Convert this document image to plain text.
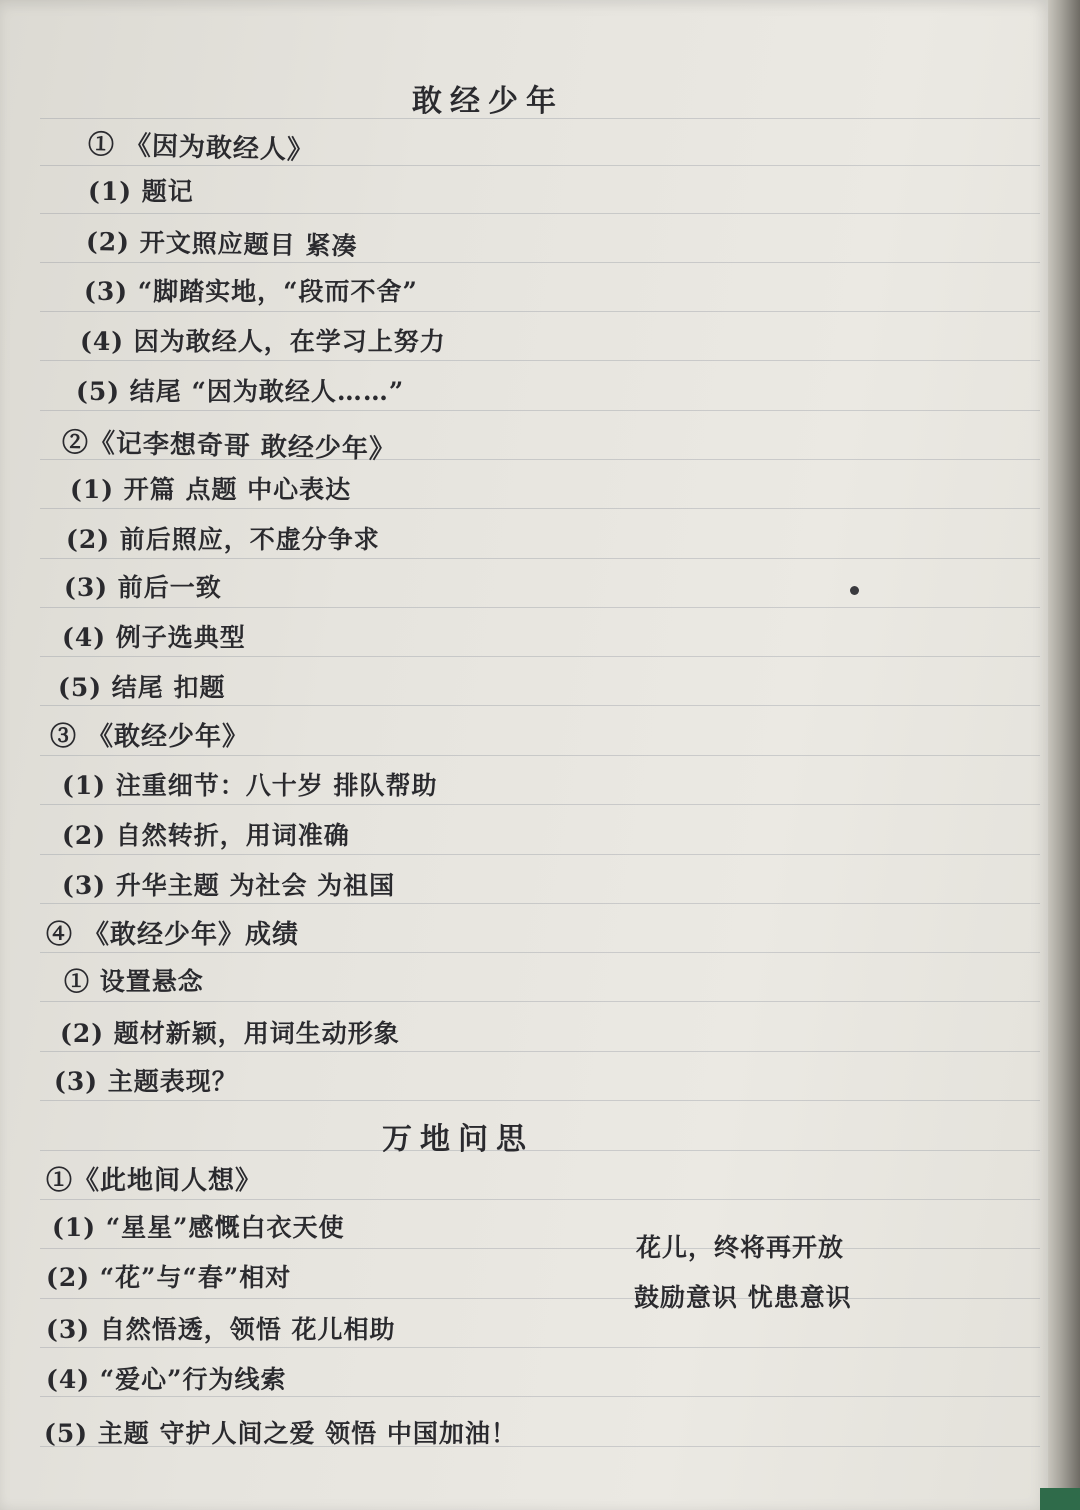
敢经少年
① 《因为敢经人》
(1) 题记
(2) 开文照应题目 紧凑
(3) “脚踏实地，“段而不舍”
(4) 因为敢经人，在学习上努力
(5) 结尾 “因为敢经人……”
②《记李想奇哥 敢经少年》
(1) 开篇 点题 中心表达
(2) 前后照应，不虚分争求
(3) 前后一致
(4) 例子选典型
(5) 结尾 扣题
③ 《敢经少年》
(1) 注重细节：八十岁 排队帮助
(2) 自然转折，用词准确
(3) 升华主题 为社会 为祖国
④ 《敢经少年》成绩
① 设置悬念
(2) 题材新颖，用词生动形象
(3) 主题表现？
万地问思
①《此地间人想》
(1) “星星”感慨白衣天使
(2) “花”与“春”相对
(3) 自然悟透，领悟 花儿相助
(4) “爱心”行为线索
(5) 主题 守护人间之爱 领悟 中国加油！
花儿，终将再开放
鼓励意识 忧患意识
